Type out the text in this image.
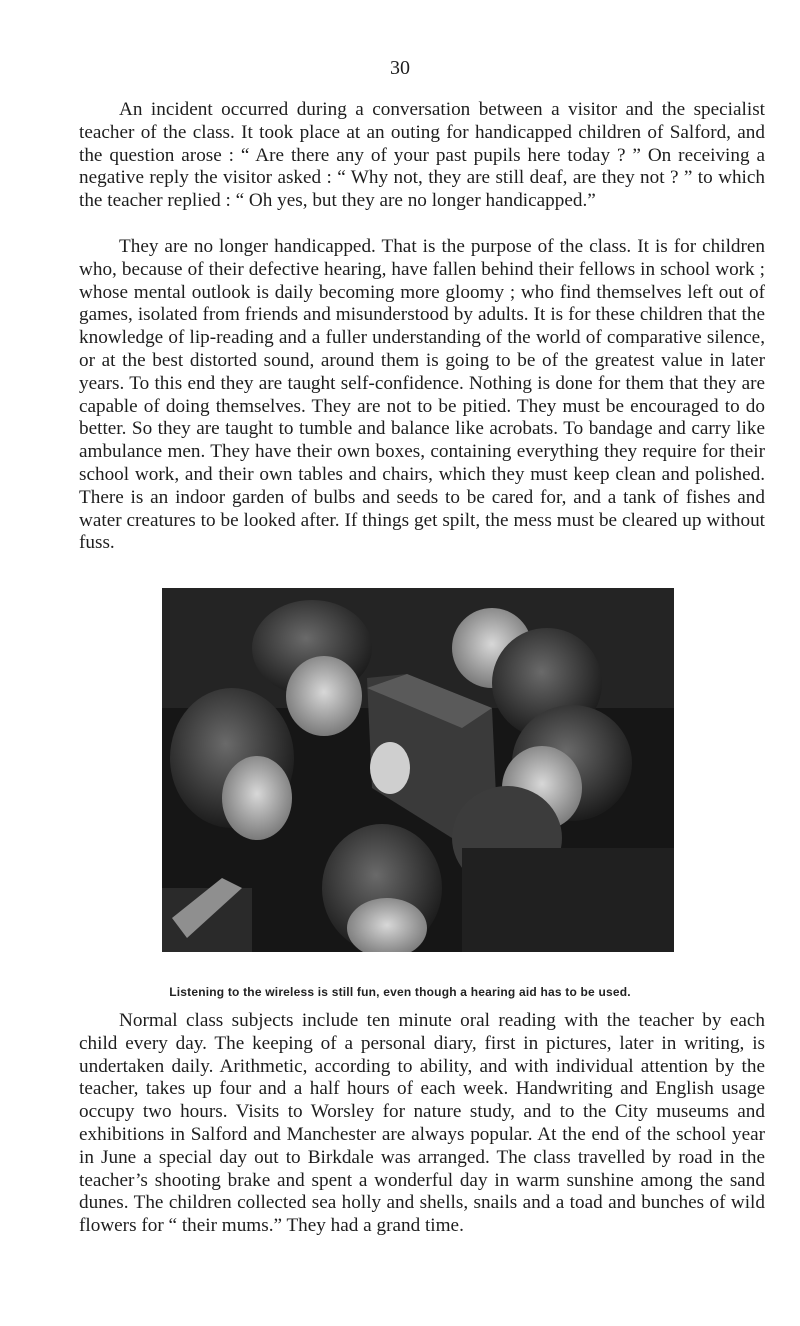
30

An incident occurred during a conversation between a visitor and the specialist teacher of the class. It took place at an outing for handicapped children of Salford, and the question arose : “ Are there any of your past pupils here today ? ” On receiving a negative reply the visitor asked : “ Why not, they are still deaf, are they not ? ” to which the teacher replied : “ Oh yes, but they are no longer handicapped.”

They are no longer handicapped. That is the purpose of the class. It is for children who, because of their defective hearing, have fallen behind their fellows in school work ; whose mental outlook is daily becoming more gloomy ; who find themselves left out of games, isolated from friends and misunderstood by adults. It is for these children that the knowledge of lip-reading and a fuller understanding of the world of comparative silence, or at the best distorted sound, around them is going to be of the greatest value in later years. To this end they are taught self-confidence. Nothing is done for them that they are capable of doing themselves. They are not to be pitied. They must be encouraged to do better. So they are taught to tumble and balance like acrobats. To bandage and carry like ambulance men. They have their own boxes, containing everything they require for their school work, and their own tables and chairs, which they must keep clean and polished. There is an indoor garden of bulbs and seeds to be cared for, and a tank of fishes and water creatures to be looked after. If things get spilt, the mess must be cleared up without fuss.

Listening to the wireless is still fun, even though a hearing aid has to be used.

Normal class subjects include ten minute oral reading with the teacher by each child every day. The keeping of a personal diary, first in pictures, later in writing, is undertaken daily. Arithmetic, according to ability, and with individual attention by the teacher, takes up four and a half hours of each week. Handwriting and English usage occupy two hours. Visits to Worsley for nature study, and to the City museums and exhibitions in Salford and Manchester are always popular. At the end of the school year in June a special day out to Birkdale was arranged. The class travelled by road in the teacher’s shooting brake and spent a wonderful day in warm sunshine among the sand dunes. The children collected sea holly and shells, snails and a toad and bunches of wild flowers for “ their mums.” They had a grand time.
